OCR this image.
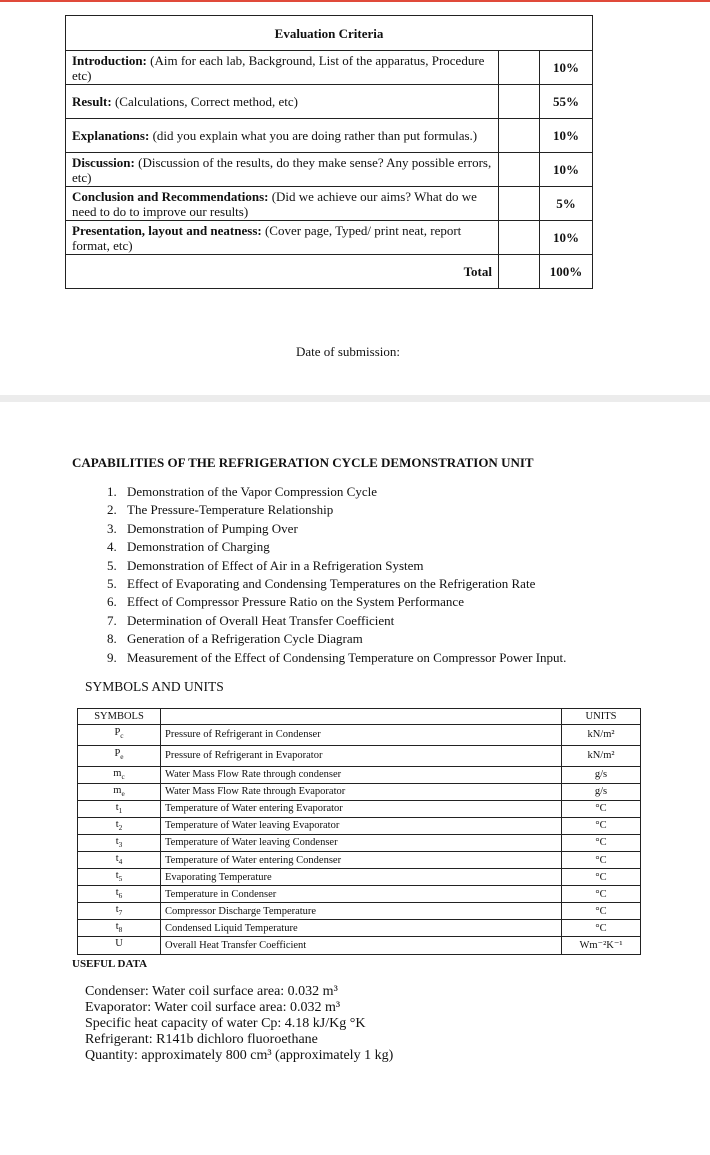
Evaluation Criteria		
Introduction: (Aim for each lab, Background, List of the apparatus, Procedure etc)		10%
Result: (Calculations, Correct method, etc)		55%
Explanations: (did you explain what you are doing rather than put formulas.)		10%
Discussion: (Discussion of the results, do they make sense? Any possible errors, etc)		10%
Conclusion and Recommendations: (Did we achieve our aims? What do we need to do to improve our results)		5%
Presentation, layout and neatness: (Cover page, Typed/ print neat, report format, etc)		10%
Total		100%
Date of submission:
CAPABILITIES OF THE REFRIGERATION CYCLE DEMONSTRATION UNIT
1. Demonstration of the Vapor Compression Cycle
2. The Pressure-Temperature Relationship
3. Demonstration of Pumping Over
4. Demonstration of Charging
5. Demonstration of Effect of Air in a Refrigeration System
5. Effect of Evaporating and Condensing Temperatures on the Refrigeration Rate
6. Effect of Compressor Pressure Ratio on the System Performance
7. Determination of Overall Heat Transfer Coefficient
8. Generation of a Refrigeration Cycle Diagram
9. Measurement of the Effect of Condensing Temperature on Compressor Power Input.
SYMBOLS AND UNITS
SYMBOLS		UNITS
$P_c$	Pressure of Refrigerant in Condenser	kN/m²
$P_e$	Pressure of Refrigerant in Evaporator	kN/m²
$m_c$	Water Mass Flow Rate through condenser	g/s
$m_e$	Water Mass Flow Rate through Evaporator	g/s
$t_1$	Temperature of Water entering Evaporator	°C
$t_2$	Temperature of Water leaving Evaporator	°C
$t_3$	Temperature of Water leaving Condenser	°C
$t_4$	Temperature of Water entering Condenser	°C
$t_5$	Evaporating Temperature	°C
$t_6$	Temperature in Condenser	°C
$t_7$	Compressor Discharge Temperature	°C
$t_8$	Condensed Liquid Temperature	°C
U	Overall Heat Transfer Coefficient	Wm⁻²K⁻¹
USEFUL DATA
Condenser: Water coil surface area: 0.032 m³
Evaporator: Water coil surface area: 0.032 m³
Specific heat capacity of water Cp: 4.18 kJ/Kg °K
Refrigerant: R141b dichloro fluoroethane
Quantity: approximately 800 cm³ (approximately 1 kg)
